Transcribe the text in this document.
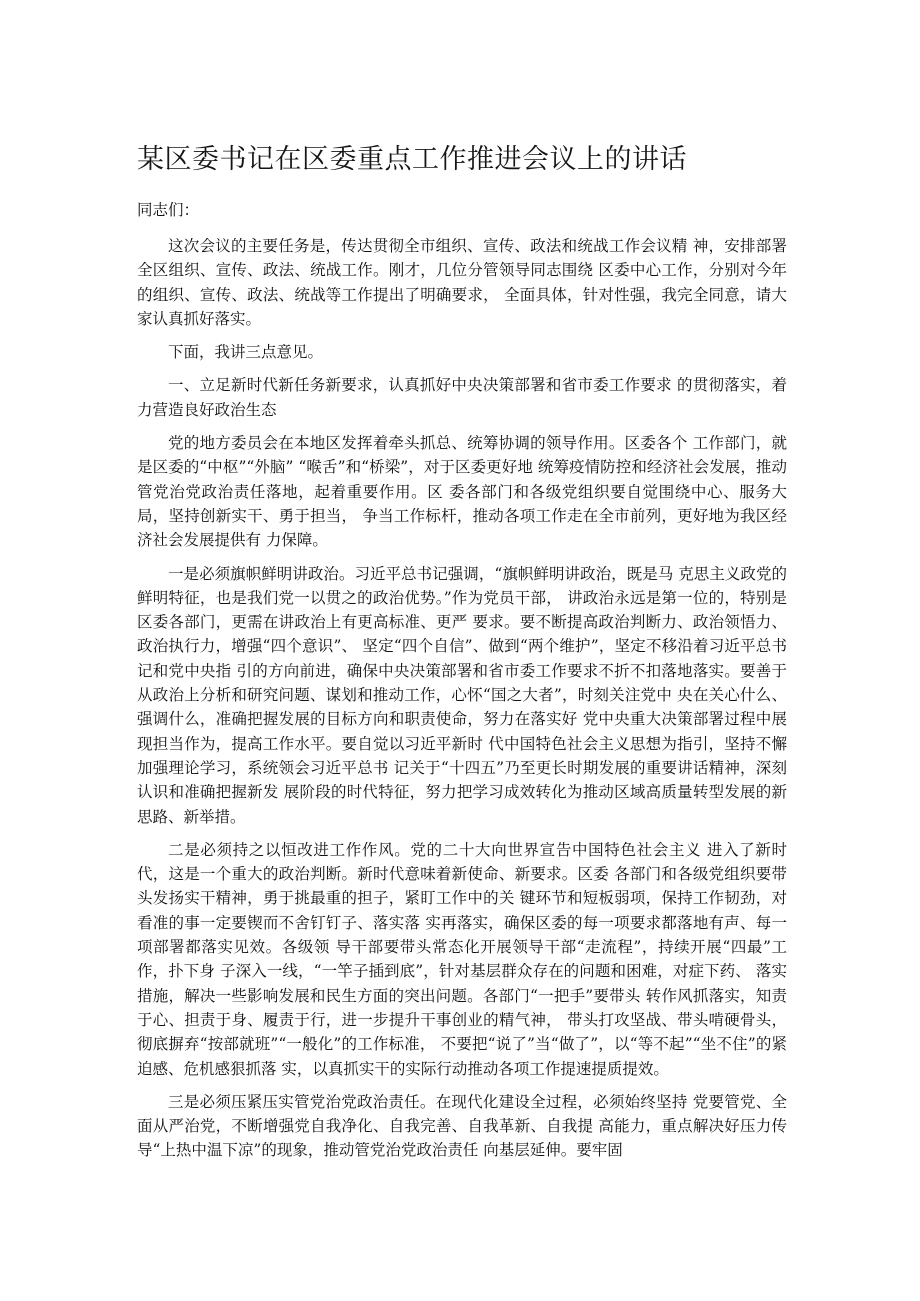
某区委书记在区委重点工作推进会议上的讲话

同志们：

这次会议的主要任务是，传达贯彻全市组织、宣传、政法和统战工作会议精 神，安排部署全区组织、宣传、政法、统战工作。刚才，几位分管领导同志围绕 区委中心工作，分别对今年的组织、宣传、政法、统战等工作提出了明确要求， 全面具体，针对性强，我完全同意，请大家认真抓好落实。

下面，我讲三点意见。

一、立足新时代新任务新要求，认真抓好中央决策部署和省市委工作要求 的贯彻落实，着力营造良好政治生态

党的地方委员会在本地区发挥着牵头抓总、统筹协调的领导作用。区委各个 工作部门，就是区委的“中枢”“外脑” “喉舌”和“桥梁”，对于区委更好地 统筹疫情防控和经济社会发展，推动管党治党政治责任落地，起着重要作用。区 委各部门和各级党组织要自觉围绕中心、服务大局，坚持创新实干、勇于担当， 争当工作标杆，推动各项工作走在全市前列，更好地为我区经济社会发展提供有 力保障。

一是必须旗帜鲜明讲政治。习近平总书记强调，“旗帜鲜明讲政治，既是马 克思主义政党的鲜明特征，也是我们党一以贯之的政治优势。”作为党员干部， 讲政治永远是第一位的，特别是区委各部门，更需在讲政治上有更高标准、更严 要求。要不断提高政治判断力、政治领悟力、政治执行力，增强“四个意识”、 坚定“四个自信”、做到“两个维护”，坚定不移沿着习近平总书记和党中央指 引的方向前进，确保中央决策部署和省市委工作要求不折不扣落地落实。要善于 从政治上分析和研究问题、谋划和推动工作，心怀“国之大者”，时刻关注党中 央在关心什么、强调什么，准确把握发展的目标方向和职责使命，努力在落实好 党中央重大决策部署过程中展现担当作为，提高工作水平。要自觉以习近平新时 代中国特色社会主义思想为指引，坚持不懈加强理论学习，系统领会习近平总书 记关于“十四五”乃至更长时期发展的重要讲话精神，深刻认识和准确把握新发 展阶段的时代特征，努力把学习成效转化为推动区域高质量转型发展的新思路、新举措。

二是必须持之以恒改进工作作风。党的二十大向世界宣告中国特色社会主义 进入了新时代，这是一个重大的政治判断。新时代意味着新使命、新要求。区委 各部门和各级党组织要带头发扬实干精神，勇于挑最重的担子，紧盯工作中的关 键环节和短板弱项，保持工作韧劲，对看准的事一定要锲而不舍钉钉子、落实落 实再落实，确保区委的每一项要求都落地有声、每一项部署都落实见效。各级领 导干部要带头常态化开展领导干部“走流程”，持续开展“四最”工作，扑下身 子深入一线，“一竿子插到底”，针对基层群众存在的问题和困难，对症下药、 落实措施，解决一些影响发展和民生方面的突出问题。各部门“一把手”要带头 转作风抓落实，知责于心、担责于身、履责于行，进一步提升干事创业的精气神， 带头打攻坚战、带头啃硬骨头，彻底摒弃“按部就班”“一般化”的工作标准， 不要把“说了”当“做了”，以“等不起”“坐不住”的紧迫感、危机感狠抓落 实，以真抓实干的实际行动推动各项工作提速提质提效。

三是必须压紧压实管党治党政治责任。在现代化建设全过程，必须始终坚持 党要管党、全面从严治党，不断增强党自我净化、自我完善、自我革新、自我提 高能力，重点解决好压力传导“上热中温下凉”的现象，推动管党治党政治责任 向基层延伸。要牢固
